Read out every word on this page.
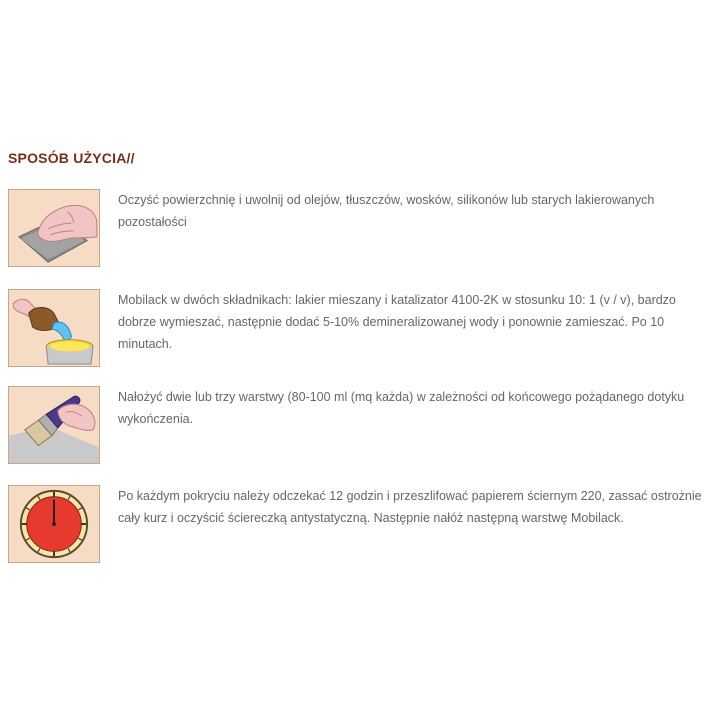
SPOSÓB UŻYCIA//
Oczyść powierzchnię i uwolnij od olejów, tłuszczów, wosków, silikonów lub starych lakierowanych pozostałości
Mobilack w dwóch składnikach: lakier mieszany i katalizator 4100-2K w stosunku 10: 1 (v / v), bardzo dobrze wymieszać, następnie dodać 5-10% demineralizowanej wody i ponownie zamieszać. Po 10 minutach.
Nałożyć dwie lub trzy warstwy (80-100 ml (mq każda) w zależności od końcowego pożądanego dotyku wykończenia.
Po każdym pokryciu należy odczekać 12 godzin i przeszlifować papierem ściernym 220, zassać ostrożnie cały kurz i oczyścić ściereczką antystatyczną. Następnie nałóż następną warstwę Mobilack.
